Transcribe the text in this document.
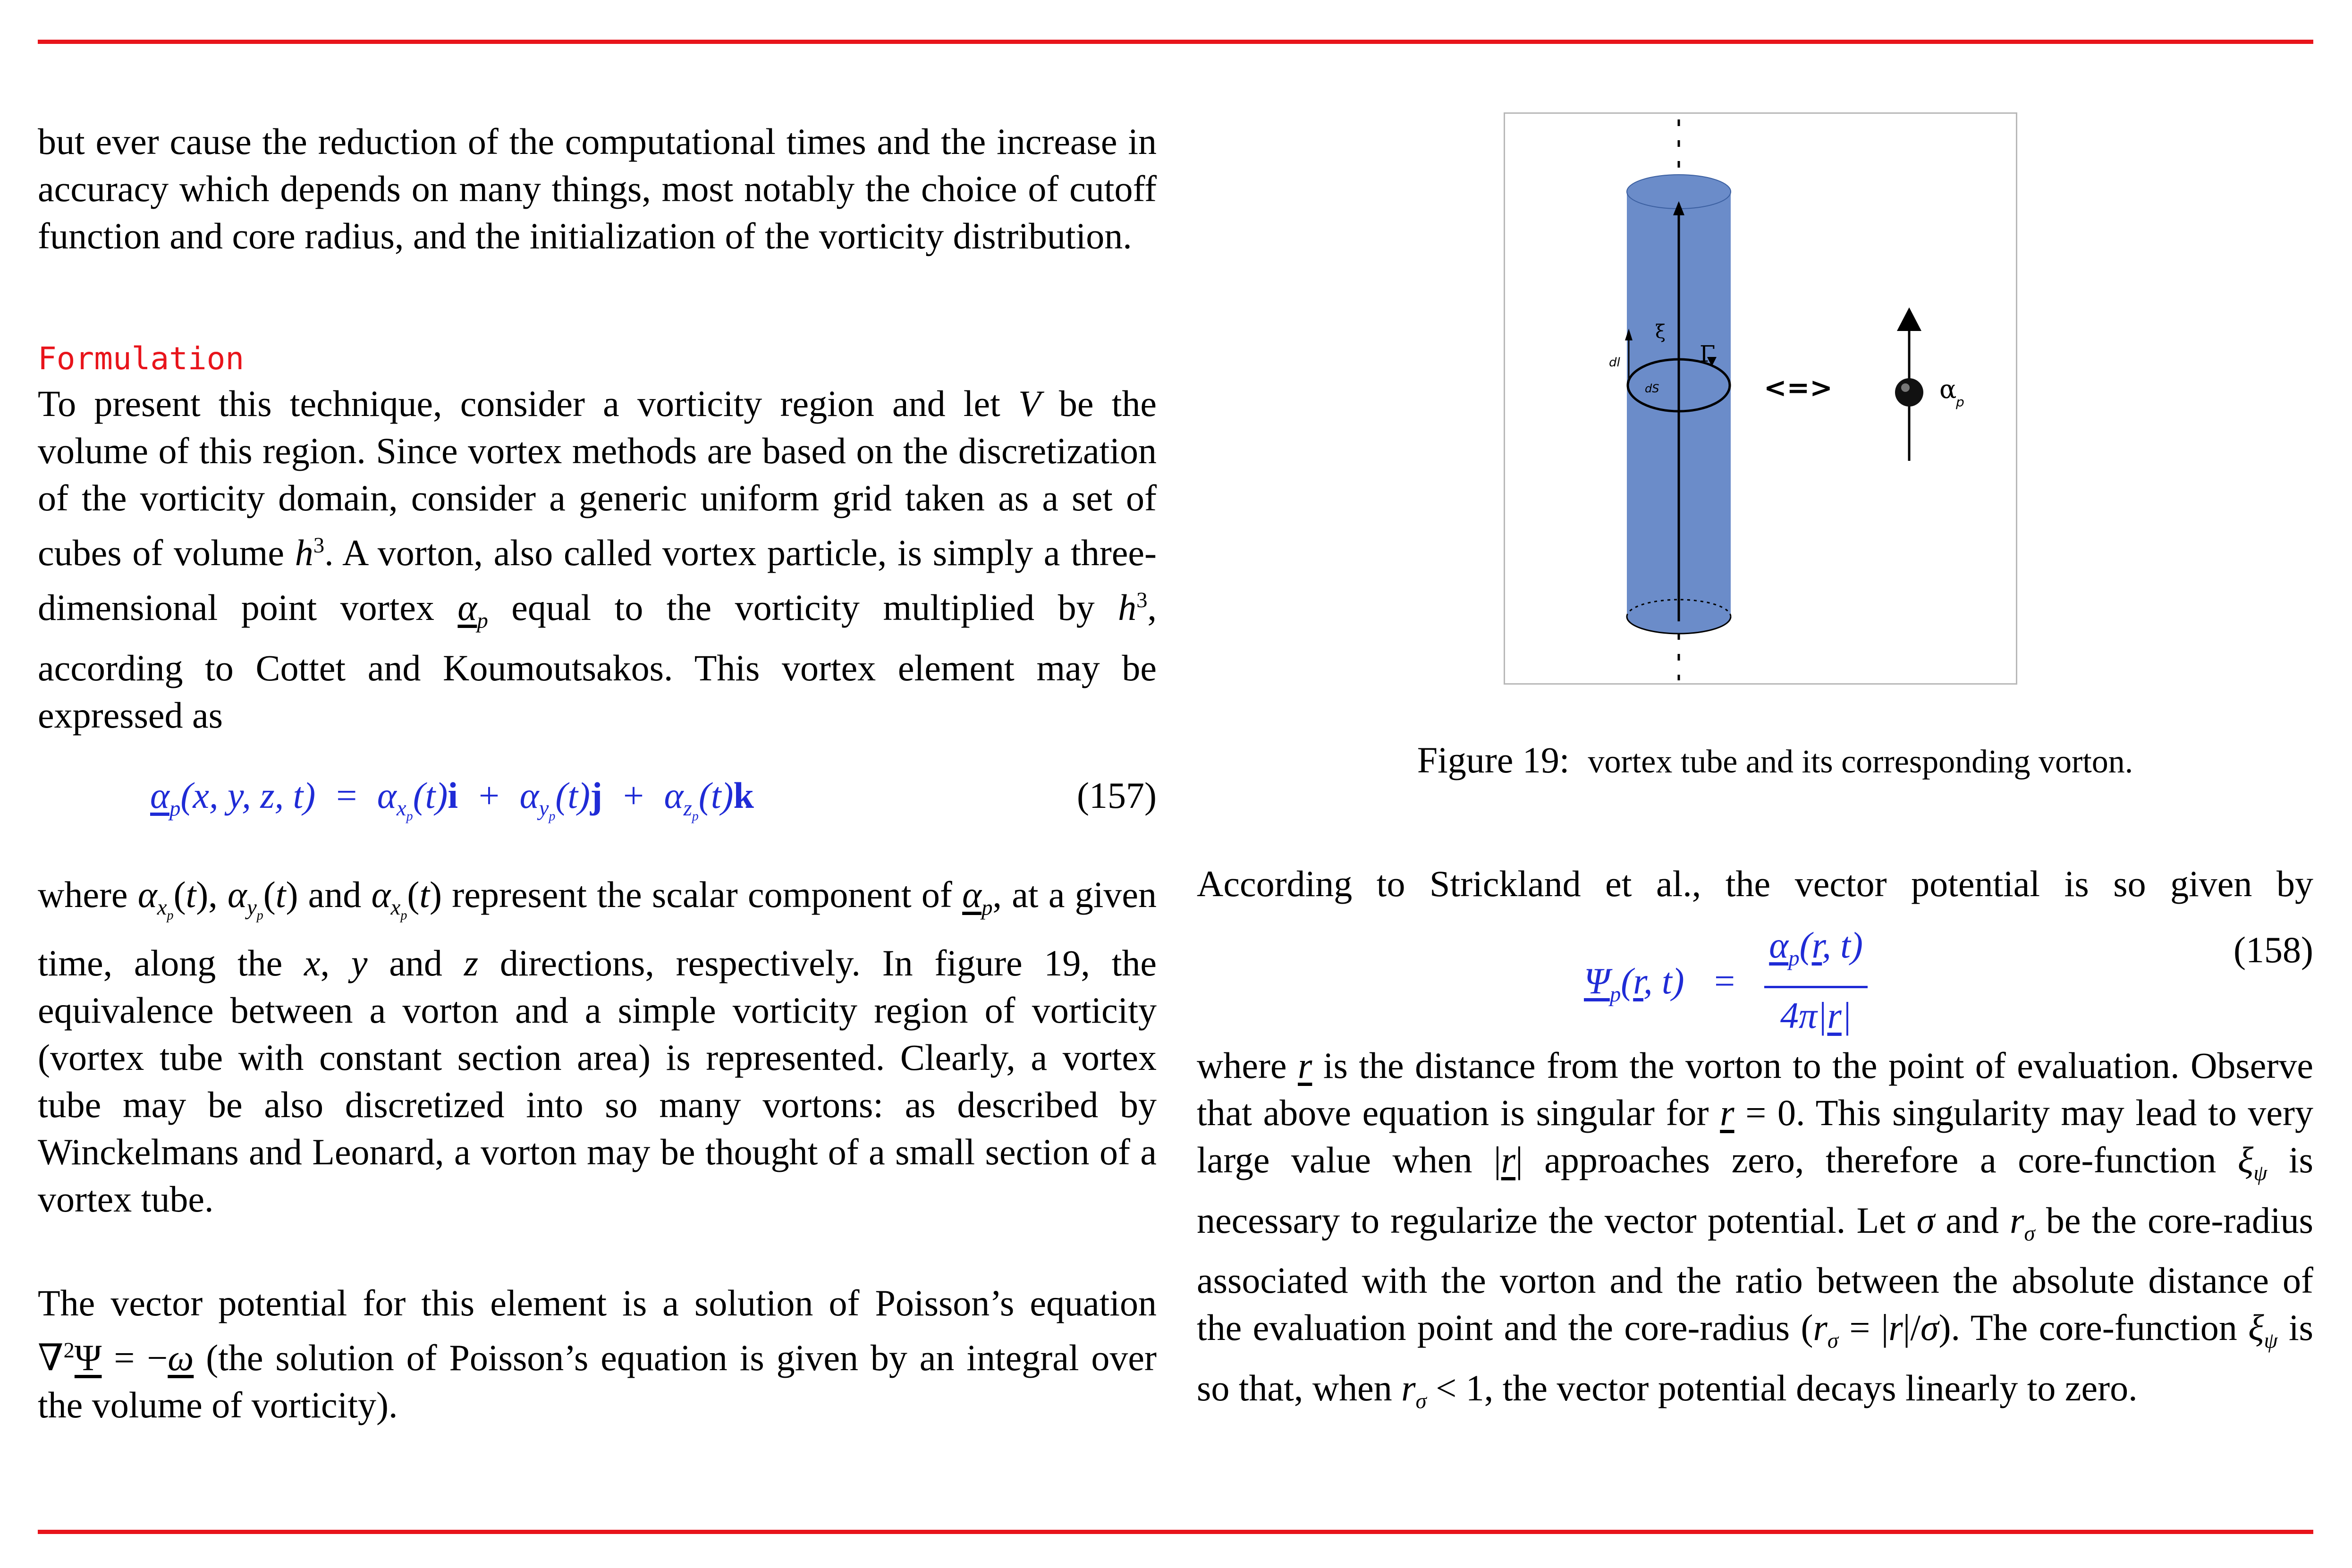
but ever cause the reduction of the computational times and the increase in accuracy which depends on many things, most notably the choice of cutoff function and core radius, and the initialization of the vorticity distribution.

Formulation

To present this technique, consider a vorticity region and let V be the volume of this region. Since vortex methods are based on the discretization of the vorticity domain, consider a generic uniform grid taken as a set of cubes of volume $h^3$. A vorton, also called vortex particle, is simply a three-dimensional point vortex $\alpha_p$ equal to the vorticity multiplied by $h^3$, according to Cottet and Koumoutsakos. This vortex element may be expressed as

$\alpha_p(x$, y, z, $t) = \alpha_{x_p}(t)i + \alpha_{y_p}(t)j + \alpha_{z_p}(t)k$	(157)

where $\alpha_{x_p}(t)$, $\alpha_{y_p}(t)$ and $\alpha_{x_p}(t)$ represent the scalar component of $\alpha_p$, at a given time, along the x, y and z directions, respectively. In figure 19, the equivalence between a vorton and a simple vorticity region of vorticity (vortex tube with constant section area) is represented. Clearly, a vortex tube may be also discretized into so many vortons: as described by Winckelmans and Leonard, a vorton may be thought of a small section of a vortex tube.

The vector potential for this element is a solution of Poisson’s equation ∇$^2$Ψ = −ω (the solution of Poisson’s equation is given by an integral over the volume of vorticity).

dl
ξ
Γ
dS	<=>	α
p
Figure 19: vortex tube and its corresponding vorton.

According to Strickland et al., the vector potential is so given by

$\Psi_p(r$, $t) = \frac{\alpha_p(r, t)}{4\pi|r|}$	(158)

where r is the distance from the vorton to the point of evaluation. Observe that above equation is singular for r = 0. This singularity may lead to very large value when |r| approaches zero, therefore a core-function $\xi_\psi$ is necessary to regularize the vector potential. Let σ and $r_\sigma$ be the core-radius associated with the vorton and the ratio between the absolute distance of the evaluation point and the core-radius $(r_\sigma = |r|/\sigma)$. The core-function $\xi_\psi$ is so that, when $r_\sigma < 1$, the vector potential decays linearly to zero.
